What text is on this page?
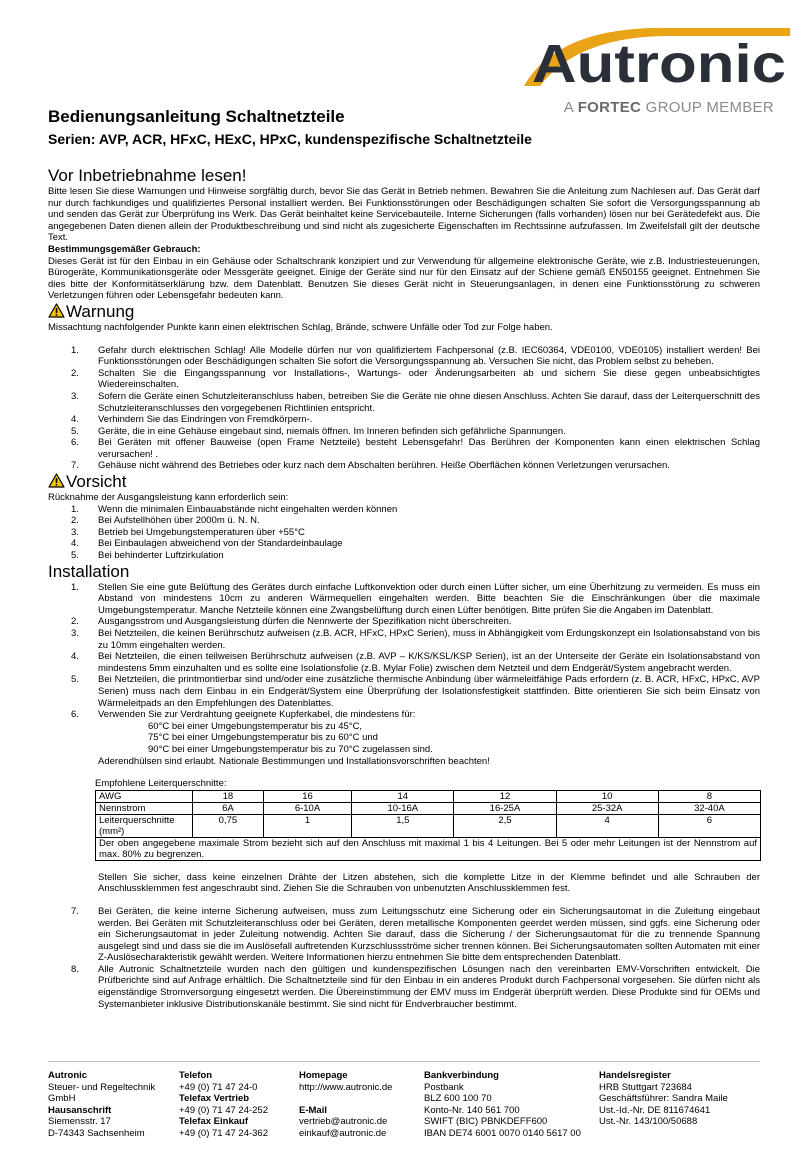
Autronic
A FORTEC GROUP MEMBER
Bedienungsanleitung Schaltnetzteile
Serien: AVP, ACR, HFxC, HExC, HPxC, kundenspezifische Schaltnetzteile
Vor Inbetriebnahme lesen!

Bitte lesen Sie diese Warnungen und Hinweise sorgfältig durch, bevor Sie das Gerät in Betrieb nehmen. Bewahren Sie die Anleitung zum Nachlesen auf. Das Gerät darf nur durch fachkundiges und qualifiziertes Personal installiert werden. Bei Funktionsstörungen oder Beschädigungen schalten Sie sofort die Versorgungsspannung ab und senden das Gerät zur Überprüfung ins Werk. Das Gerät beinhaltet keine Servicebauteile. Interne Sicherungen (falls vorhanden) lösen nur bei Gerätedefekt aus. Die angegebenen Daten dienen allein der Produktbeschreibung und sind nicht als zugesicherte Eigenschaften im Rechtssinne aufzufassen. Im Zweifelsfall gilt der deutsche Text.

Bestimmungsgemäßer Gebrauch:

Dieses Gerät ist für den Einbau in ein Gehäuse oder Schaltschrank konzipiert und zur Verwendung für allgemeine elektronische Geräte, wie z.B. Industriesteuerungen, Bürogeräte, Kommunikationsgeräte oder Messgeräte geeignet. Einige der Geräte sind nur für den Einsatz auf der Schiene gemäß EN50155 geeignet. Entnehmen Sie dies bitte der Konformitätserklärung bzw. dem Datenblatt. Benutzen Sie dieses Gerät nicht in Steuerungsanlagen, in denen eine Funktionsstörung zu schweren Verletzungen führen oder Lebensgefahr bedeuten kann.

Warnung

Missachtung nachfolgender Punkte kann einen elektrischen Schlag, Brände, schwere Unfälle oder Tod zur Folge haben.

1. Gefahr durch elektrischen Schlag! Alle Modelle dürfen nur von qualifiziertem Fachpersonal (z.B. IEC60364, VDE0100, VDE0105) installiert werden! Bei Funktionsstörungen oder Beschädigungen schalten Sie sofort die Versorgungsspannung ab. Versuchen Sie nicht, das Problem selbst zu beheben.
2. Schalten Sie die Eingangsspannung vor Installations-, Wartungs- oder Änderungsarbeiten ab und sichern Sie diese gegen unbeabsichtigtes Wiedereinschalten.
3. Sofern die Geräte einen Schutzleiteranschluss haben, betreiben Sie die Geräte nie ohne diesen Anschluss. Achten Sie darauf, dass der Leiterquerschnitt des Schutzleiteranschlusses den vorgegebenen Richtlinien entspricht.
4. Verhindern Sie das Eindringen von Fremdkörpern-.
5. Geräte, die in eine Gehäuse eingebaut sind, niemals öffnen. Im Inneren befinden sich gefährliche Spannungen.
6. Bei Geräten mit offener Bauweise (open Frame Netzteile) besteht Lebensgefahr! Das Berühren der Komponenten kann einen elektrischen Schlag verursachen! .
7. Gehäuse nicht während des Betriebes oder kurz nach dem Abschalten berühren. Heiße Oberflächen können Verletzungen verursachen.
Vorsicht

Rücknahme der Ausgangsleistung kann erforderlich sein:

1. Wenn die minimalen Einbauabstände nicht eingehalten werden können
2. Bei Aufstellhöhen über 2000m ü. N. N.
3. Betrieb bei Umgebungstemperaturen über +55°C
4. Bei Einbaulagen abweichend von der Standardeinbaulage
5. Bei behinderter Luftzirkulation
Installation
1. Stellen Sie eine gute Belüftung des Gerätes durch einfache Luftkonvektion oder durch einen Lüfter sicher, um eine Überhitzung zu vermeiden. Es muss ein Abstand von mindestens 10cm zu anderen Wärmequellen eingehalten werden. Bitte beachten Sie die Einschränkungen über die maximale Umgebungstemperatur. Manche Netzteile können eine Zwangsbelüftung durch einen Lüfter benötigen. Bitte prüfen Sie die Angaben im Datenblatt.
2. Ausgangsstrom und Ausgangsleistung dürfen die Nennwerte der Spezifikation nicht überschreiten.
3. Bei Netzteilen, die keinen Berührschutz aufweisen (z.B. ACR, HFxC, HPxC Serien), muss in Abhängigkeit vom Erdungskonzept ein Isolationsabstand von bis zu 10mm eingehalten werden.
4. Bei Netzteilen, die einen teilweisen Berührschutz aufweisen (z.B. AVP – K/KS/KSL/KSP Serien), ist an der Unterseite der Geräte ein Isolationsabstand von mindestens 5mm einzuhalten und es sollte eine Isolationsfolie (z.B. Mylar Folie) zwischen dem Netzteil und dem Endgerät/System angebracht werden.
5. Bei Netzteilen, die printmontierbar sind und/oder eine zusätzliche thermische Anbindung über wärmeleitfähige Pads erfordern (z. B. ACR, HFxC, HPxC, AVP Serien) muss nach dem Einbau in ein Endgerät/System eine Überprüfung der Isolationsfestigkeit stattfinden. Bitte orientieren Sie sich beim Einsatz von Wärmeleitpads an den Empfehlungen des Datenblattes.
6. Verwenden Sie zur Verdrahtung geeignete Kupferkabel, die mindestens für:

60°C bei einer Umgebungstemperatur bis zu 45°C,

75°C bei einer Umgebungstemperatur bis zu 60°C und

90°C bei einer Umgebungstemperatur bis zu 70°C zugelassen sind.

Aderendhülsen sind erlaubt. Nationale Bestimmungen und Installationsvorschriften beachten!

Empfohlene Leiterquerschnitte:

AWG	18	16	14	12	10	8
Nennstrom	6A	6-10A	10-16A	16-25A	25-32A	32-40A
Leiterquerschnitte (mm²)	0,75	1	1,5	2,5	4	6
Der oben angegebene maximale Strom bezieht sich auf den Anschluss mit maximal 1 bis 4 Leitungen. Bei 5 oder mehr Leitungen ist der Nennstrom auf max. 80% zu begrenzen.						

Stellen Sie sicher, dass keine einzelnen Drähte der Litzen abstehen, sich die komplette Litze in der Klemme befindet und alle Schrauben der Anschlussklemmen fest angeschraubt sind. Ziehen Sie die Schrauben von unbenutzten Anschlussklemmen fest.

7. Bei Geräten, die keine interne Sicherung aufweisen, muss zum Leitungsschutz eine Sicherung oder ein Sicherungsautomat in die Zuleitung eingebaut werden. Bei Geräten mit Schutzleiteranschluss oder bei Geräten, deren metallische Komponenten geerdet werden müssen, sind ggfs. eine Sicherung oder ein Sicherungsautomat in jeder Zuleitung notwendig. Achten Sie darauf, dass die Sicherung / der Sicherungsautomat für die zu trennende Spannung ausgelegt sind und dass sie die im Auslösefall auftretenden Kurzschlussströme sicher trennen können. Bei Sicherungsautomaten sollten Automaten mit einer Z-Auslösecharakteristik gewählt werden. Weitere Informationen hierzu entnehmen Sie bitte dem entsprechenden Datenblatt.
8. Alle Autronic Schaltnetzteile wurden nach den gültigen und kundenspezifischen Lösungen nach den vereinbarten EMV-Vorschriften entwickelt. Die Prüfberichte sind auf Anfrage erhältlich. Die Schaltnetzteile sind für den Einbau in ein anderes Produkt durch Fachpersonal vorgesehen. Sie dürfen nicht als eigenständige Stromversorgung eingesetzt werden. Die Übereinstimmung der EMV muss im Endgerät überprüft werden. Diese Produkte sind für OEMs und Systemanbieter inklusive Distributionskanäle bestimmt. Sie sind nicht für Endverbraucher bestimmt.
Autronic
Steuer- und Regeltechnik
GmbH
Hausanschrift
Siemensstr. 17
D-74343 Sachsenheim
Telefon
+49 (0) 71 47 24-0
Telefax Vertrieb
+49 (0) 71 47 24-252
Telefax Einkauf
+49 (0) 71 47 24-362
Homepage
http://www.autronic.de

E-Mail
vertrieb@autronic.de
einkauf@autronic.de
Bankverbindung
Postbank
BLZ 600 100 70
Konto-Nr. 140 561 700
SWIFT (BIC) PBNKDEFF600
IBAN DE74 6001 0070 0140 5617 00
Handelsregister
HRB Stuttgart 723684
Geschäftsführer: Sandra Maile
Ust.-Id.-Nr. DE 811674641
Ust.-Nr. 143/100/50688
